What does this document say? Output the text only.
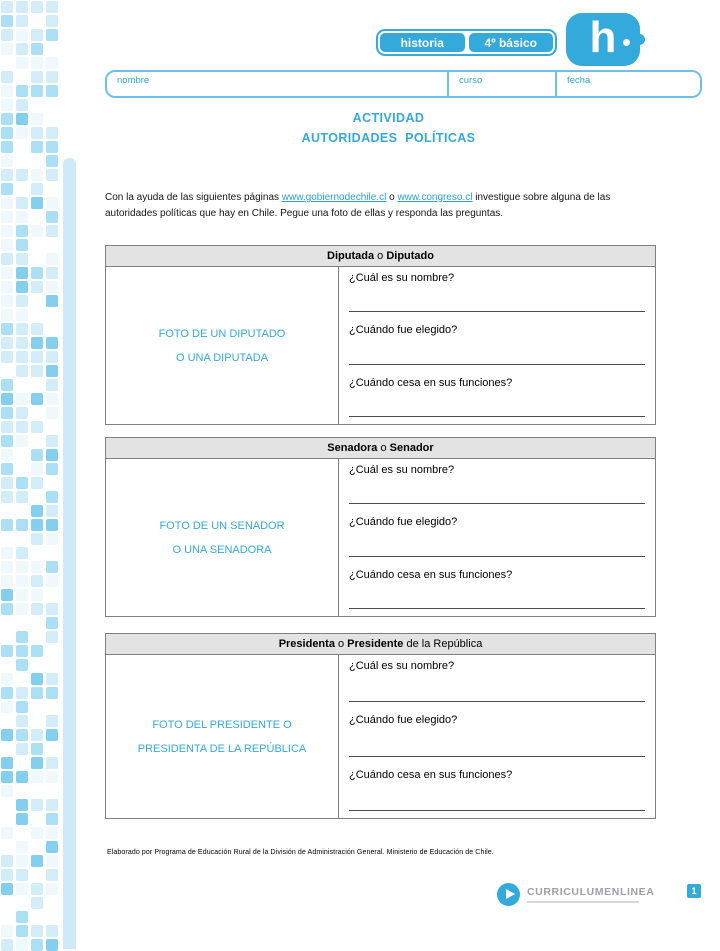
historia	4º básico	h
nombre	curso	fecha
ACTIVIDAD
AUTORIDADES  POLÍTICAS

Con la ayuda de las siguientes páginas www.gobiernodechile.cl o www.congreso.cl investigue sobre alguna de las autoridades políticas que hay en Chile. Pegue una foto de ellas y responda las preguntas.

Diputada o Diputado
FOTO DE UN DIPUTADO
O UNA DIPUTADA
¿Cuál es su nombre?
¿Cuándo fue elegido?
¿Cuándo cesa en sus funciones?
Senadora o Senador
FOTO DE UN SENADOR
O UNA SENADORA
¿Cuál es su nombre?
¿Cuándo fue elegido?
¿Cuándo cesa en sus funciones?
Presidenta o Presidente de la República
FOTO DEL PRESIDENTE O
PRESIDENTA DE LA REPÚBLICA
¿Cuál es su nombre?
¿Cuándo fue elegido?
¿Cuándo cesa en sus funciones?

Elaborado por Programa de Educación Rural de la División de Administración General. Ministerio de Educación de Chile.

CURRICULUMENLINEA	1
